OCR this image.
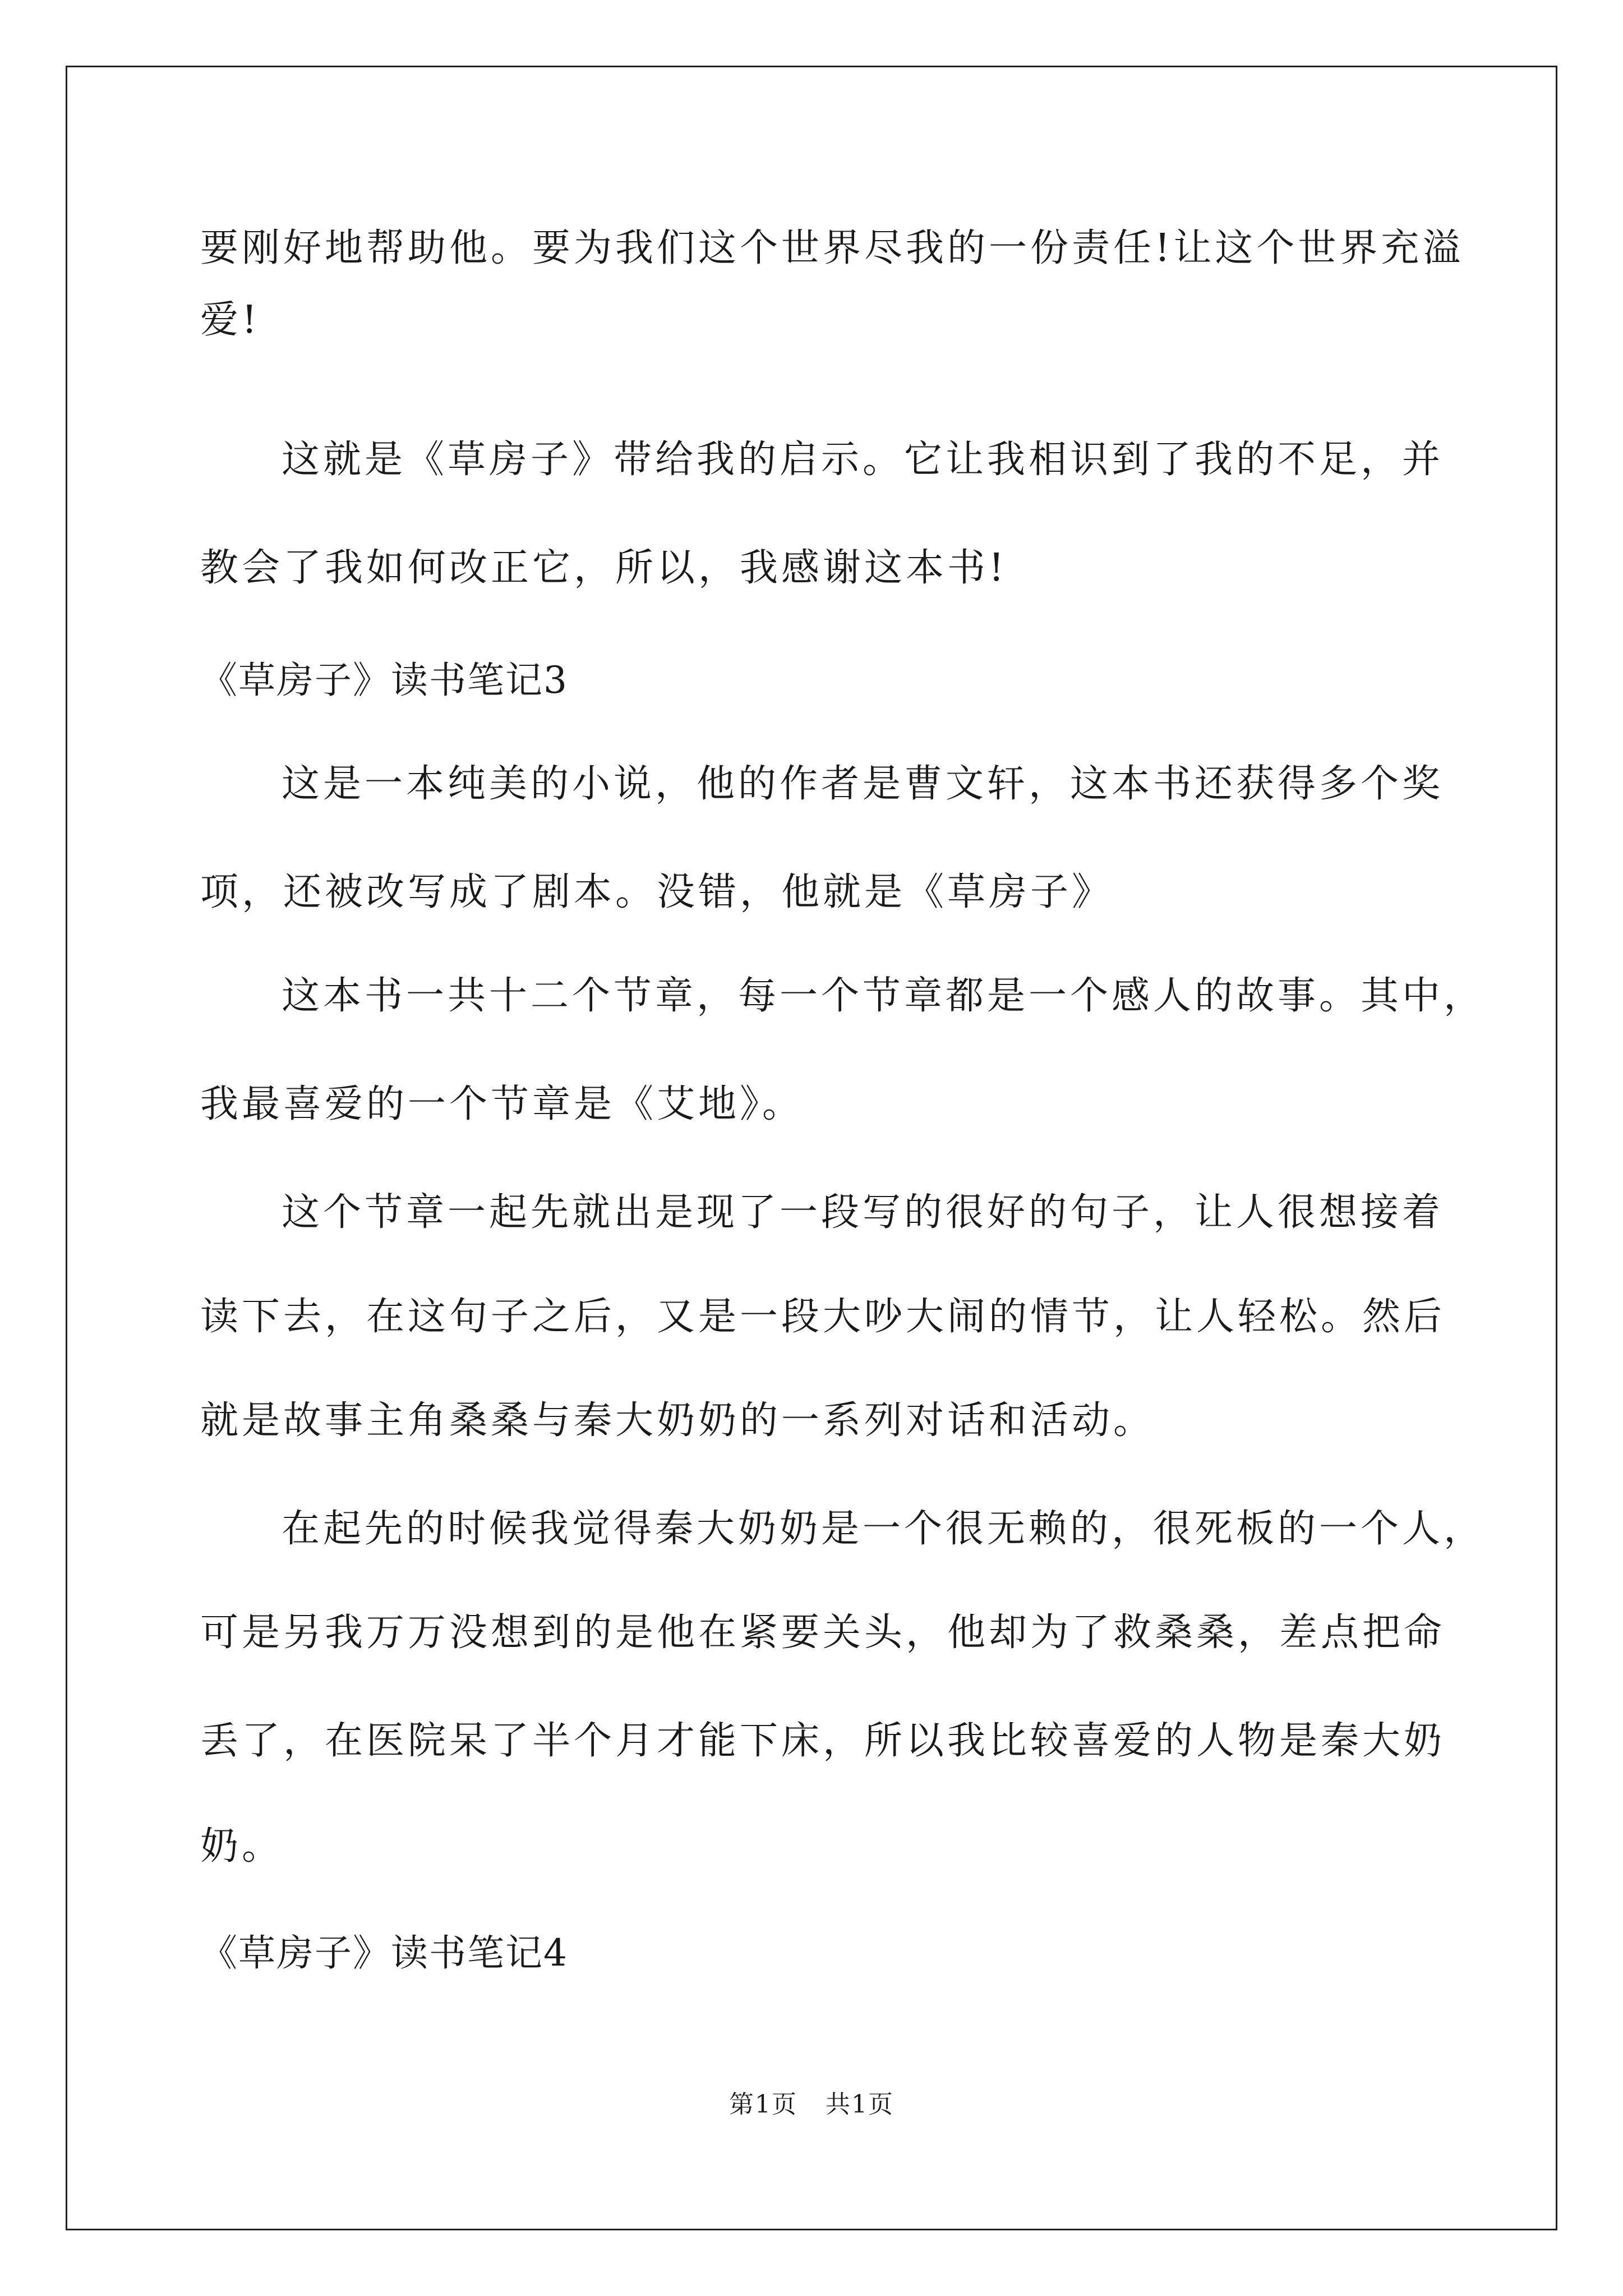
要刚好地帮助他。要为我们这个世界尽我的一份责任!让这个世界充溢
爱!
这就是《草房子》带给我的启示。它让我相识到了我的不足，并
教会了我如何改正它，所以，我感谢这本书!
《草房子》读书笔记3
这是一本纯美的小说，他的作者是曹文轩，这本书还获得多个奖
项，还被改写成了剧本。没错，他就是《草房子》
这本书一共十二个节章，每一个节章都是一个感人的故事。其中，
我最喜爱的一个节章是《艾地》。
这个节章一起先就出是现了一段写的很好的句子，让人很想接着
读下去，在这句子之后，又是一段大吵大闹的情节，让人轻松。然后
就是故事主角桑桑与秦大奶奶的一系列对话和活动。
在起先的时候我觉得秦大奶奶是一个很无赖的，很死板的一个人，
可是另我万万没想到的是他在紧要关头，他却为了救桑桑，差点把命
丢了，在医院呆了半个月才能下床，所以我比较喜爱的人物是秦大奶
奶。
《草房子》读书笔记4
第1页 共1页
